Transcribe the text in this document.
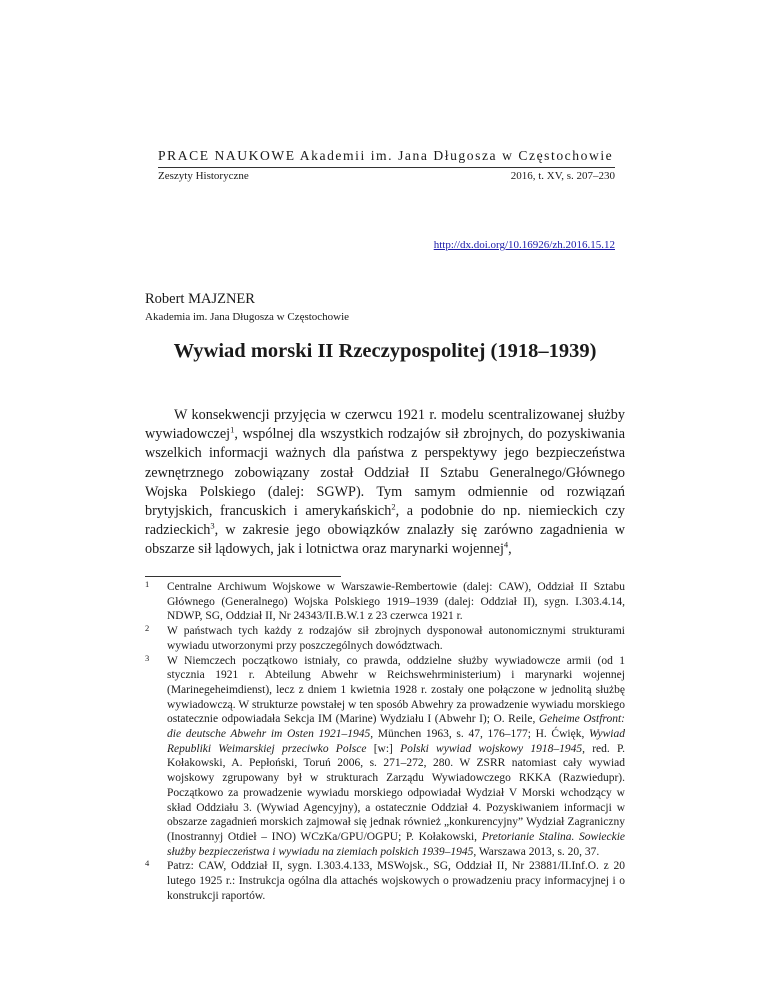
PRACE NAUKOWE Akademii im. Jana Długosza w Częstochowie
Zeszyty Historyczne	2016, t. XV, s. 207–230
http://dx.doi.org/10.16926/zh.2016.15.12
Robert MAJZNER
Akademia im. Jana Długosza w Częstochowie
Wywiad morski II Rzeczypospolitej (1918–1939)

W konsekwencji przyjęcia w czerwcu 1921 r. modelu scentralizowanej służby wywiadowczej$^1$, wspólnej dla wszystkich rodzajów sił zbrojnych, do pozyskiwania wszelkich informacji ważnych dla państwa z perspektywy jego bezpieczeństwa zewnętrznego zobowiązany został Oddział II Sztabu Generalnego/Głównego Wojska Polskiego (dalej: SGWP). Tym samym odmiennie od rozwiązań brytyjskich, francuskich i amerykańskich$^2$, a podobnie do np. niemieckich czy radzieckich$^3$, w zakresie jego obowiązków znalazły się zarówno zagadnienia w obszarze sił lądowych, jak i lotnictwa oraz marynarki wojennej$^4$,

1 Centralne Archiwum Wojskowe w Warszawie-Rembertowie (dalej: CAW), Oddział II Sztabu Głównego (Generalnego) Wojska Polskiego 1919–1939 (dalej: Oddział II), sygn. I.303.4.14, NDWP, SG, Oddział II, Nr 24343/II.B.W.1 z 23 czerwca 1921 r.

2 W państwach tych każdy z rodzajów sił zbrojnych dysponował autonomicznymi strukturami wywiadu utworzonymi przy poszczególnych dowództwach.

3 W Niemczech początkowo istniały, co prawda, oddzielne służby wywiadowcze armii (od 1 stycznia 1921 r. Abteilung Abwehr w Reichswehrministerium) i marynarki wojennej (Marinegeheimdienst), lecz z dniem 1 kwietnia 1928 r. zostały one połączone w jednolitą służbę wywiadowczą. W strukturze powstałej w ten sposób Abwehry za prowadzenie wywiadu morskiego ostatecznie odpowiadała Sekcja IM (Marine) Wydziału I (Abwehr I); O. Reile, Geheime Ostfront: die deutsche Abwehr im Osten 1921–1945, München 1963, s. 47, 176–177; H. Ćwięk, Wywiad Republiki Weimarskiej przeciwko Polsce [w:] Polski wywiad wojskowy 1918–1945, red. P. Kołakowski, A. Pepłoński, Toruń 2006, s. 271–272, 280. W ZSRR natomiast cały wywiad wojskowy zgrupowany był w strukturach Zarządu Wywiadowczego RKKA (Razwiedupr). Początkowo za prowadzenie wywiadu morskiego odpowiadał Wydział V Morski wchodzący w skład Oddziału 3. (Wywiad Agencyjny), a ostatecznie Oddział 4. Pozyskiwaniem informacji w obszarze zagadnień morskich zajmował się jednak również „konkurencyjny” Wydział Zagraniczny (Inostrannyj Otdieł – INO) WCzKa/GPU/OGPU; P. Kołakowski, Pretorianie Stalina. Sowieckie służby bezpieczeństwa i wywiadu na ziemiach polskich 1939–1945, Warszawa 2013, s. 20, 37.

4 Patrz: CAW, Oddział II, sygn. I.303.4.133, MSWojsk., SG, Oddział II, Nr 23881/II.Inf.O. z 20 lutego 1925 r.: Instrukcja ogólna dla attachés wojskowych o prowadzeniu pracy informacyjnej i o konstrukcji raportów.
